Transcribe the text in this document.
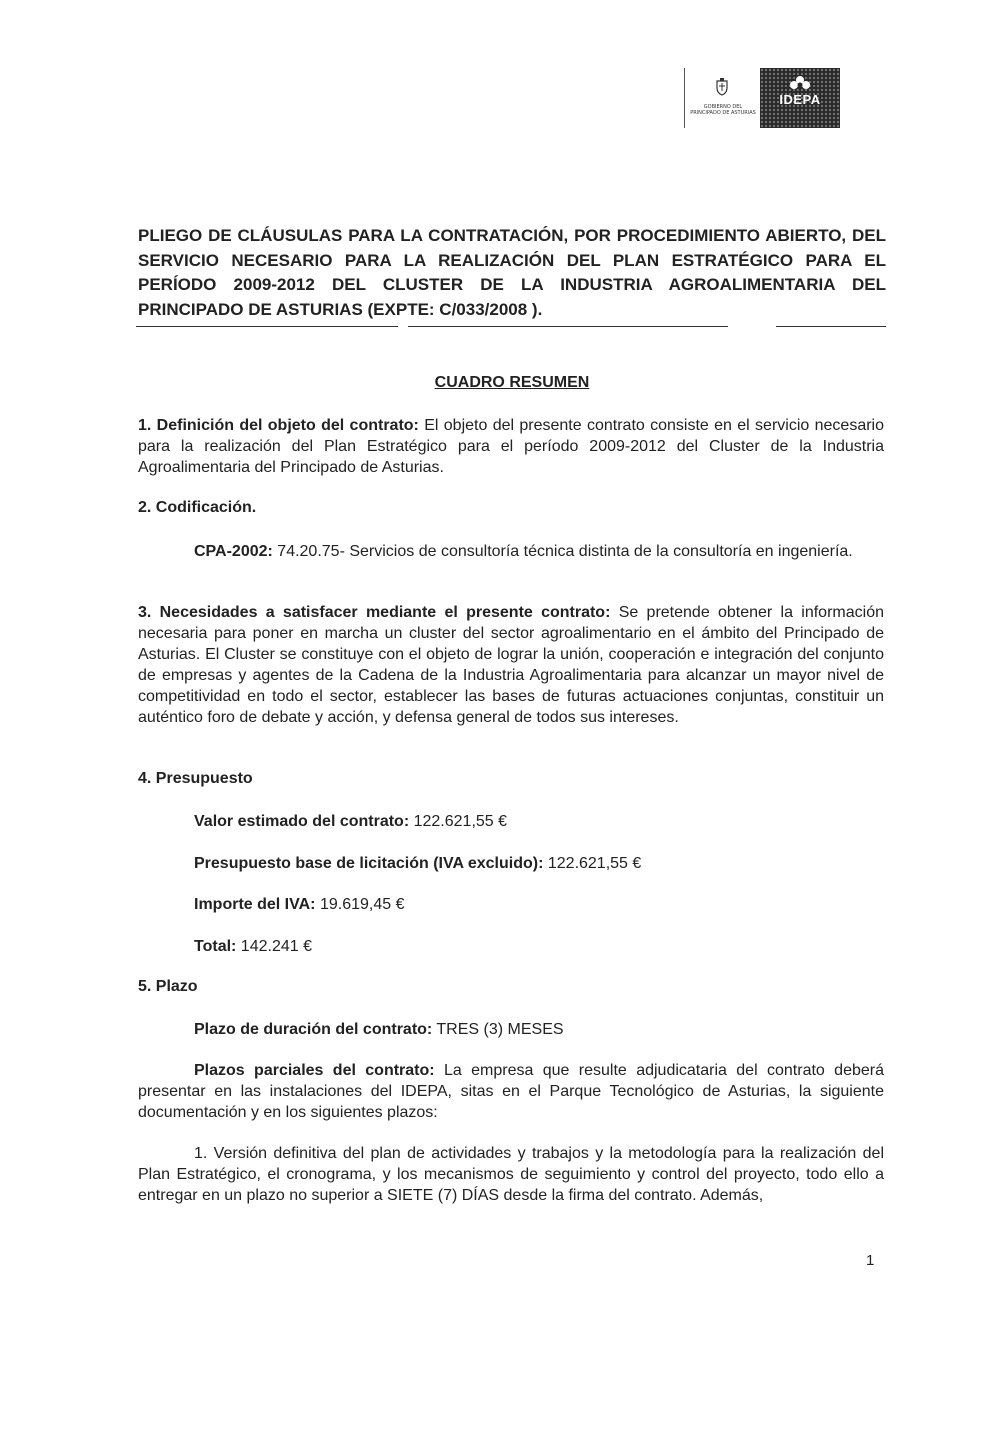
GOBIERNO DEL PRINCIPADO DE ASTURIAS
IDEPA
PLIEGO DE CLÁUSULAS PARA LA CONTRATACIÓN, POR PROCEDIMIENTO ABIERTO, DEL SERVICIO NECESARIO PARA LA REALIZACIÓN DEL PLAN ESTRATÉGICO PARA EL PERÍODO 2009-2012 DEL CLUSTER DE LA INDUSTRIA AGROALIMENTARIA DEL PRINCIPADO DE ASTURIAS (EXPTE: C/033/2008 ).
CUADRO RESUMEN
1. Definición del objeto del contrato: El objeto del presente contrato consiste en el servicio necesario para la realización del Plan Estratégico para el período 2009-2012 del Cluster de la Industria Agroalimentaria del Principado de Asturias.
2. Codificación.
CPA-2002: 74.20.75- Servicios de consultoría técnica distinta de la consultoría en ingeniería.
3. Necesidades a satisfacer mediante el presente contrato: Se pretende obtener la información necesaria para poner en marcha un cluster del sector agroalimentario en el ámbito del Principado de Asturias. El Cluster se constituye con el objeto de lograr la unión, cooperación e integración del conjunto de empresas y agentes de la Cadena de la Industria Agroalimentaria para alcanzar un mayor nivel de competitividad en todo el sector, establecer las bases de futuras actuaciones conjuntas, constituir un auténtico foro de debate y acción, y defensa general de todos sus intereses.
4. Presupuesto
Valor estimado del contrato: 122.621,55 €
Presupuesto base de licitación (IVA excluido): 122.621,55 €
Importe del IVA: 19.619,45 €
Total: 142.241 €
5. Plazo
Plazo de duración del contrato: TRES (3) MESES
Plazos parciales del contrato: La empresa que resulte adjudicataria del contrato deberá presentar en las instalaciones del IDEPA, sitas en el Parque Tecnológico de Asturias, la siguiente documentación y en los siguientes plazos:
1. Versión definitiva del plan de actividades y trabajos y la metodología para la realización del Plan Estratégico, el cronograma, y los mecanismos de seguimiento y control del proyecto, todo ello a entregar en un plazo no superior a SIETE (7) DÍAS desde la firma del contrato. Además,
1
